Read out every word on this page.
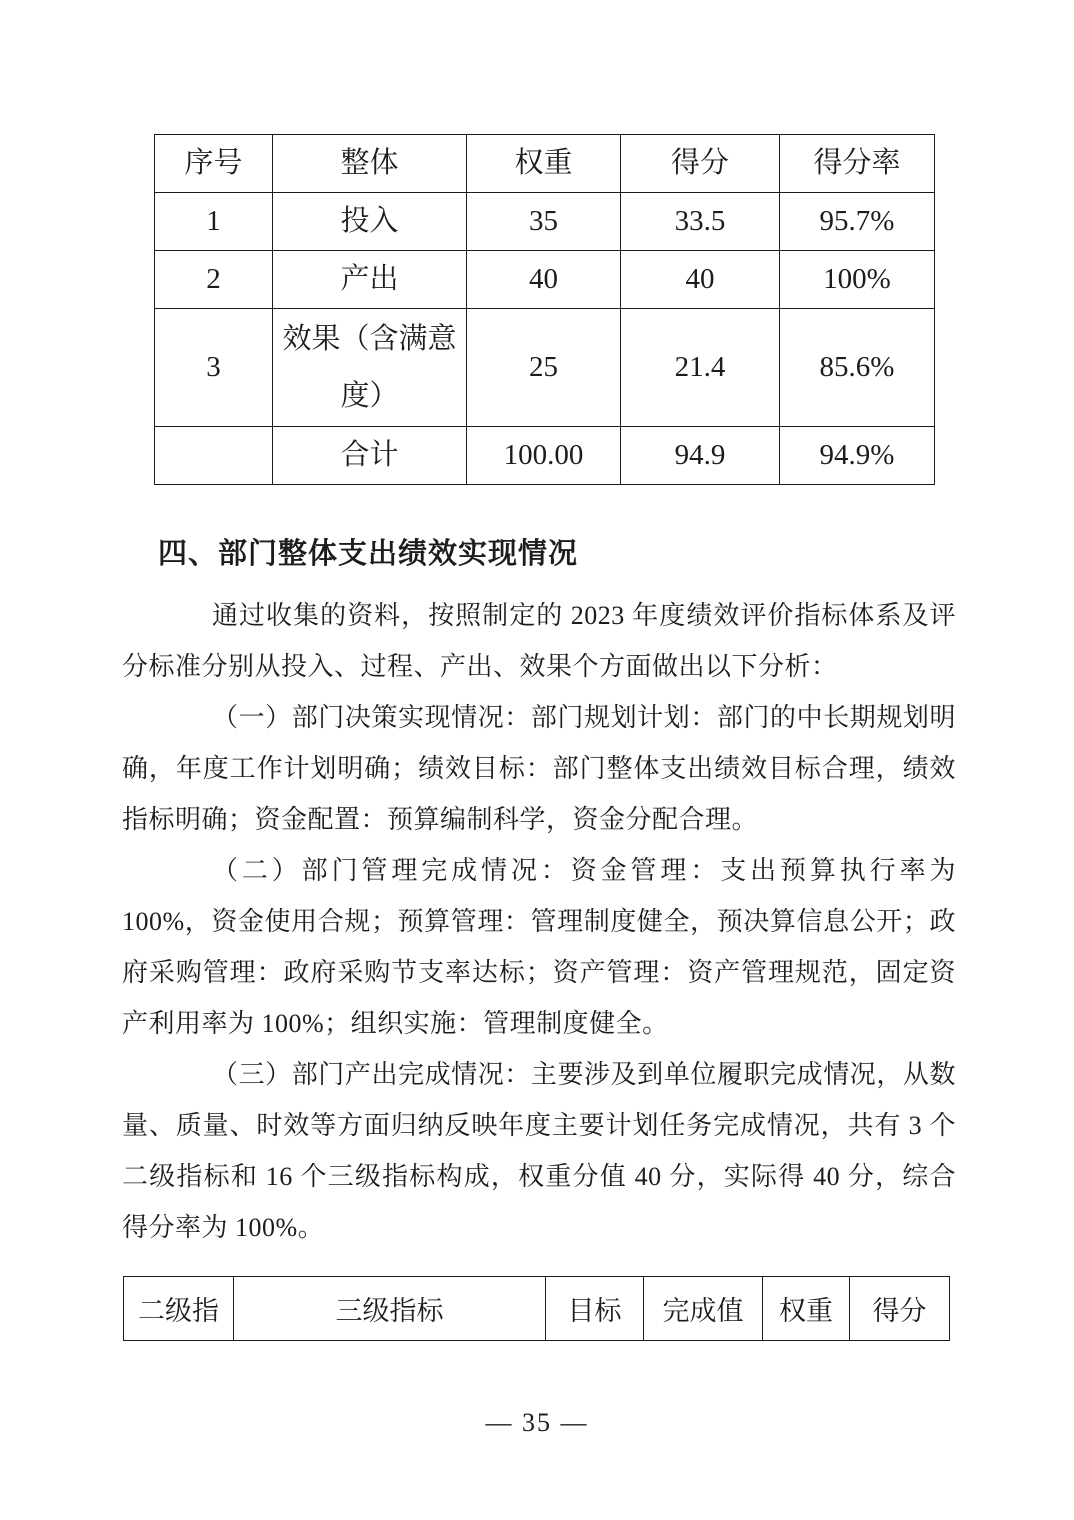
序号	整体	权重	得分	得分率
1	投入	35	33.5	95.7%
2	产出	40	40	100%
3	效果（含满意度）	25	21.4	85.6%
	合计	100.00	94.9	94.9%
四、部门整体支出绩效实现情况

通过收集的资料，按照制定的 2023 年度绩效评价指标体系及评分标准分别从投入、过程、产出、效果个方面做出以下分析：

（一）部门决策实现情况：部门规划计划：部门的中长期规划明确，年度工作计划明确；绩效目标：部门整体支出绩效目标合理，绩效指标明确；资金配置：预算编制科学，资金分配合理。

（二）部门管理完成情况：资金管理：支出预算执行率为 100%，资金使用合规；预算管理：管理制度健全，预决算信息公开；政府采购管理：政府采购节支率达标；资产管理：资产管理规范，固定资产利用率为 100%；组织实施：管理制度健全。

（三）部门产出完成情况：主要涉及到单位履职完成情况，从数量、质量、时效等方面归纳反映年度主要计划任务完成情况，共有 3 个二级指标和 16 个三级指标构成，权重分值 40 分，实际得 40 分，综合得分率为 100%。

二级指	三级指标	目标	完成值	权重	得分
— 35 —
